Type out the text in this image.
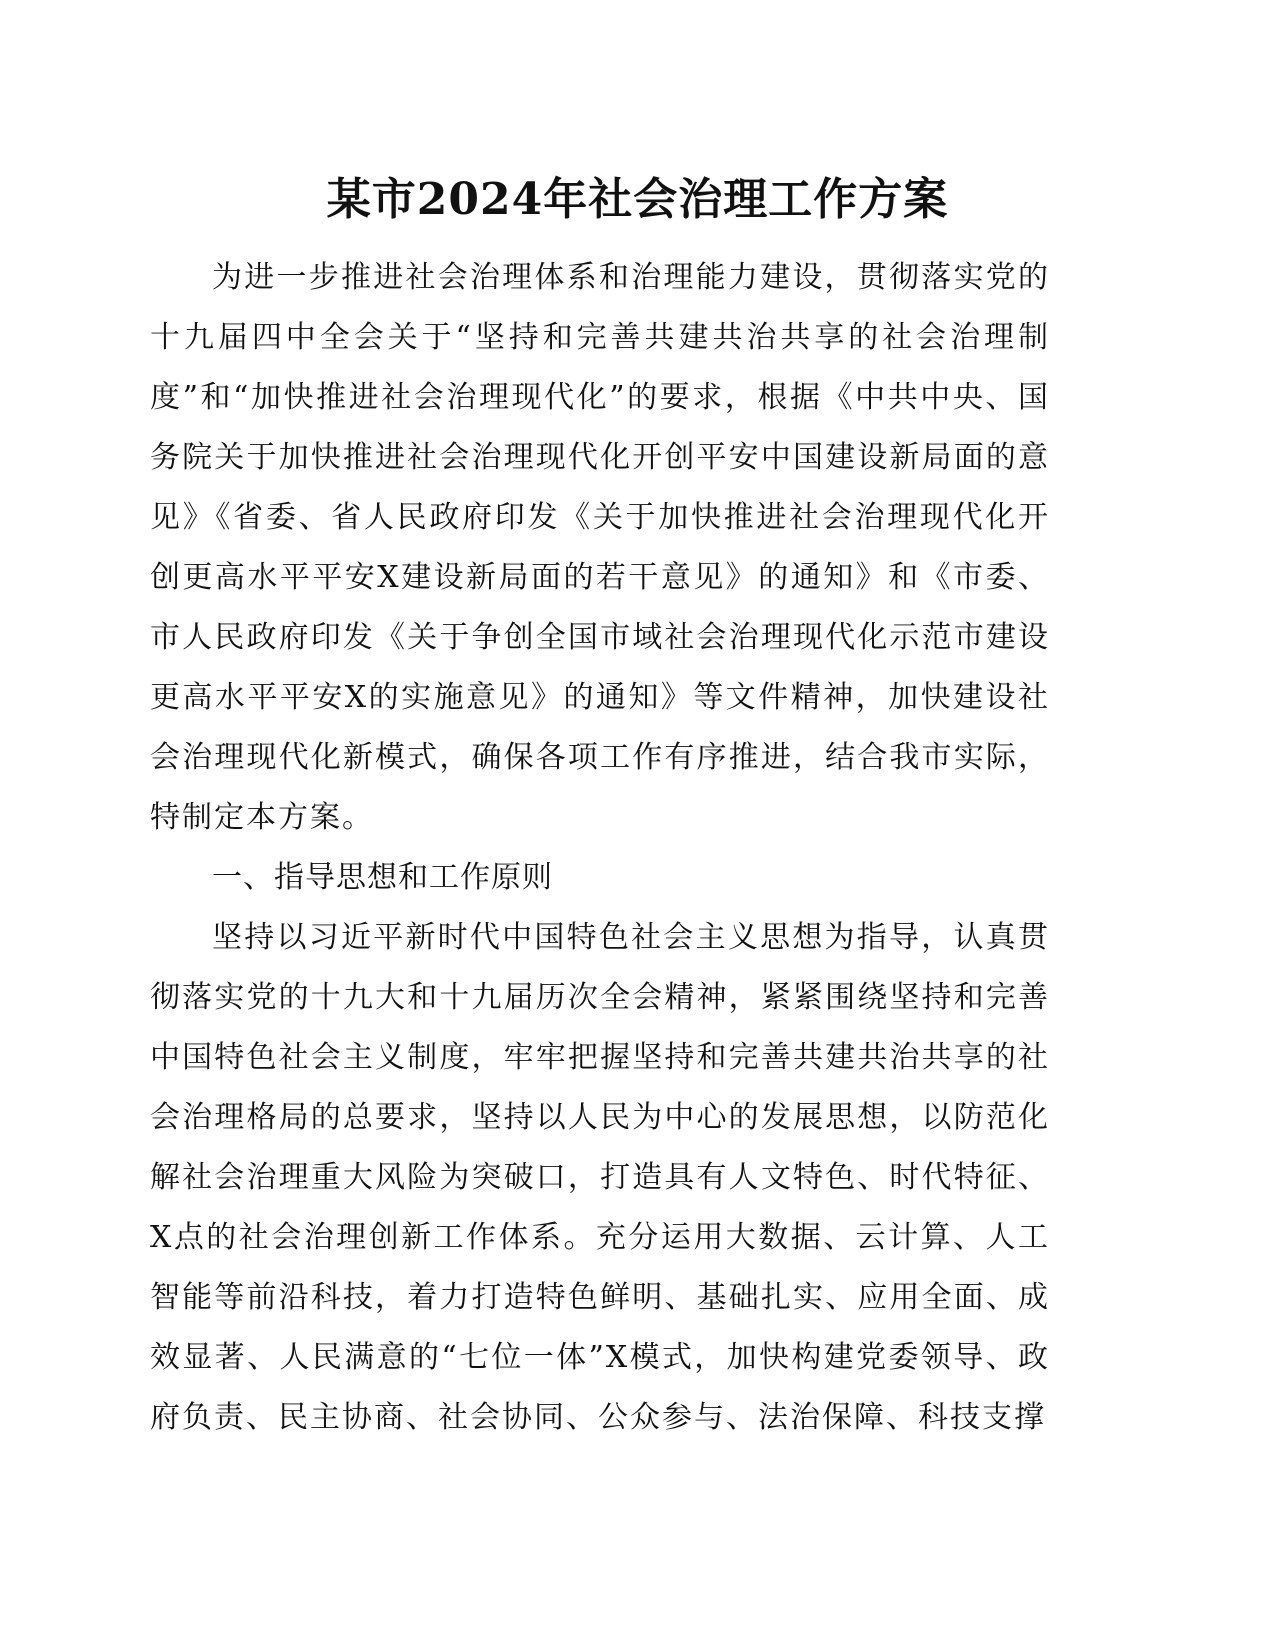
某市2024年社会治理工作方案

为进一步推进社会治理体系和治理能力建设，贯彻落实党的十九届四中全会关于“坚持和完善共建共治共享的社会治理制度”和“加快推进社会治理现代化”的要求，根据《中共中央、国务院关于加快推进社会治理现代化开创平安中国建设新局面的意见》《省委、省人民政府印发《关于加快推进社会治理现代化开创更高水平平安X建设新局面的若干意见》的通知》和《市委、市人民政府印发《关于争创全国市域社会治理现代化示范市建设更高水平平安X的实施意见》的通知》等文件精神，加快建设社会治理现代化新模式，确保各项工作有序推进，结合我市实际，特制定本方案。

一、指导思想和工作原则

坚持以习近平新时代中国特色社会主义思想为指导，认真贯彻落实党的十九大和十九届历次全会精神，紧紧围绕坚持和完善中国特色社会主义制度，牢牢把握坚持和完善共建共治共享的社会治理格局的总要求，坚持以人民为中心的发展思想，以防范化解社会治理重大风险为突破口，打造具有人文特色、时代特征、X点的社会治理创新工作体系。充分运用大数据、云计算、人工智能等前沿科技，着力打造特色鲜明、基础扎实、应用全面、成效显著、人民满意的“七位一体”X模式，加快构建党委领导、政府负责、民主协商、社会协同、公众参与、法治保障、科技支撑
